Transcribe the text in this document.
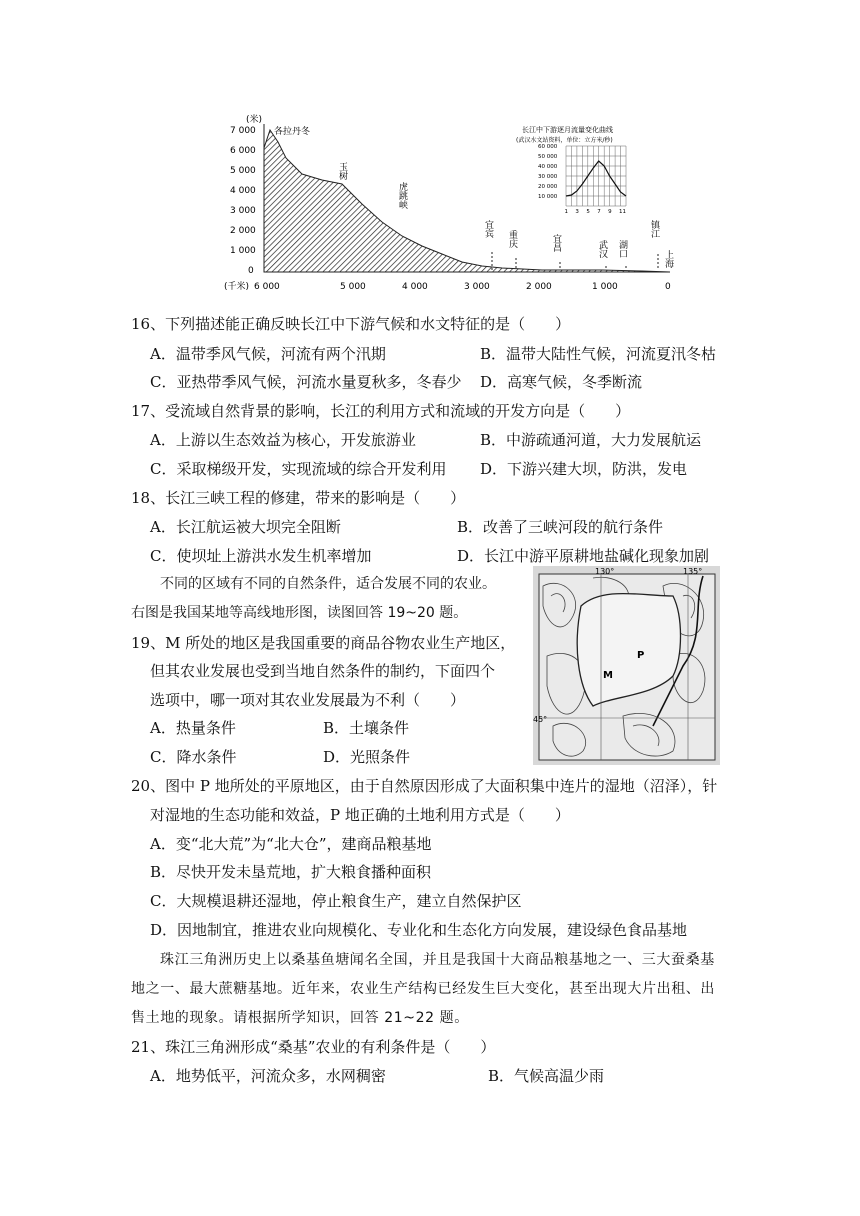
(米)
7 000
6 000
5 000
4 000
3 000
2 000
1 000
0
各拉丹冬
玉树
虎跳峡
宜宾
重庆	宜昌	武汉 湖口
镇江
上海
(千米) 6 000	5 000	4 000	3 000	2 000	1 000	0
长江中下游逐月流量变化曲线
(武汉水文站资料，单位：立方米/秒)
60 000
50 000
40 000
30 000
20 000
10 000
1 3 5 7 9 11
16、下列描述能正确反映长江中下游气候和水文特征的是（　　）
A．温带季风气候，河流有两个汛期	B．温带大陆性气候，河流夏汛冬枯
C．亚热带季风气候，河流水量夏秋多，冬春少 D．高寒气候，冬季断流
17、受流域自然背景的影响，长江的利用方式和流域的开发方向是（　　）
A．上游以生态效益为核心，开发旅游业	B．中游疏通河道，大力发展航运
C．采取梯级开发，实现流域的综合开发利用 D．下游兴建大坝，防洪，发电
18、长江三峡工程的修建，带来的影响是（　　）
A．长江航运被大坝完全阻断	B．改善了三峡河段的航行条件
C．使坝址上游洪水发生机率增加	D．长江中游平原耕地盐碱化现象加剧
不同的区域有不同的自然条件，适合发展不同的农业。
右图是我国某地等高线地形图，读图回答 19~20 题。
19、M 所处的地区是我国重要的商品谷物农业生产地区，
但其农业发展也受到当地自然条件的制约，下面四个
选项中，哪一项对其农业发展最为不利（　　）
A．热量条件	B．土壤条件
C．降水条件	D．光照条件
130°	135°
45°
M
P
20、图中 P 地所处的平原地区，由于自然原因形成了大面积集中连片的湿地（沼泽），针
对湿地的生态功能和效益，P 地正确的土地利用方式是（　　）
A．变“北大荒”为“北大仓”，建商品粮基地
B．尽快开发未垦荒地，扩大粮食播种面积
C．大规模退耕还湿地，停止粮食生产，建立自然保护区
D．因地制宜，推进农业向规模化、专业化和生态化方向发展，建设绿色食品基地
珠江三角洲历史上以桑基鱼塘闻名全国，并且是我国十大商品粮基地之一、三大蚕桑基
地之一、最大蔗糖基地。近年来，农业生产结构已经发生巨大变化，甚至出现大片出租、出
售土地的现象。请根据所学知识，回答 21~22 题。
21、珠江三角洲形成“桑基”农业的有利条件是（　　）
A．地势低平，河流众多，水网稠密	B．气候高温少雨
